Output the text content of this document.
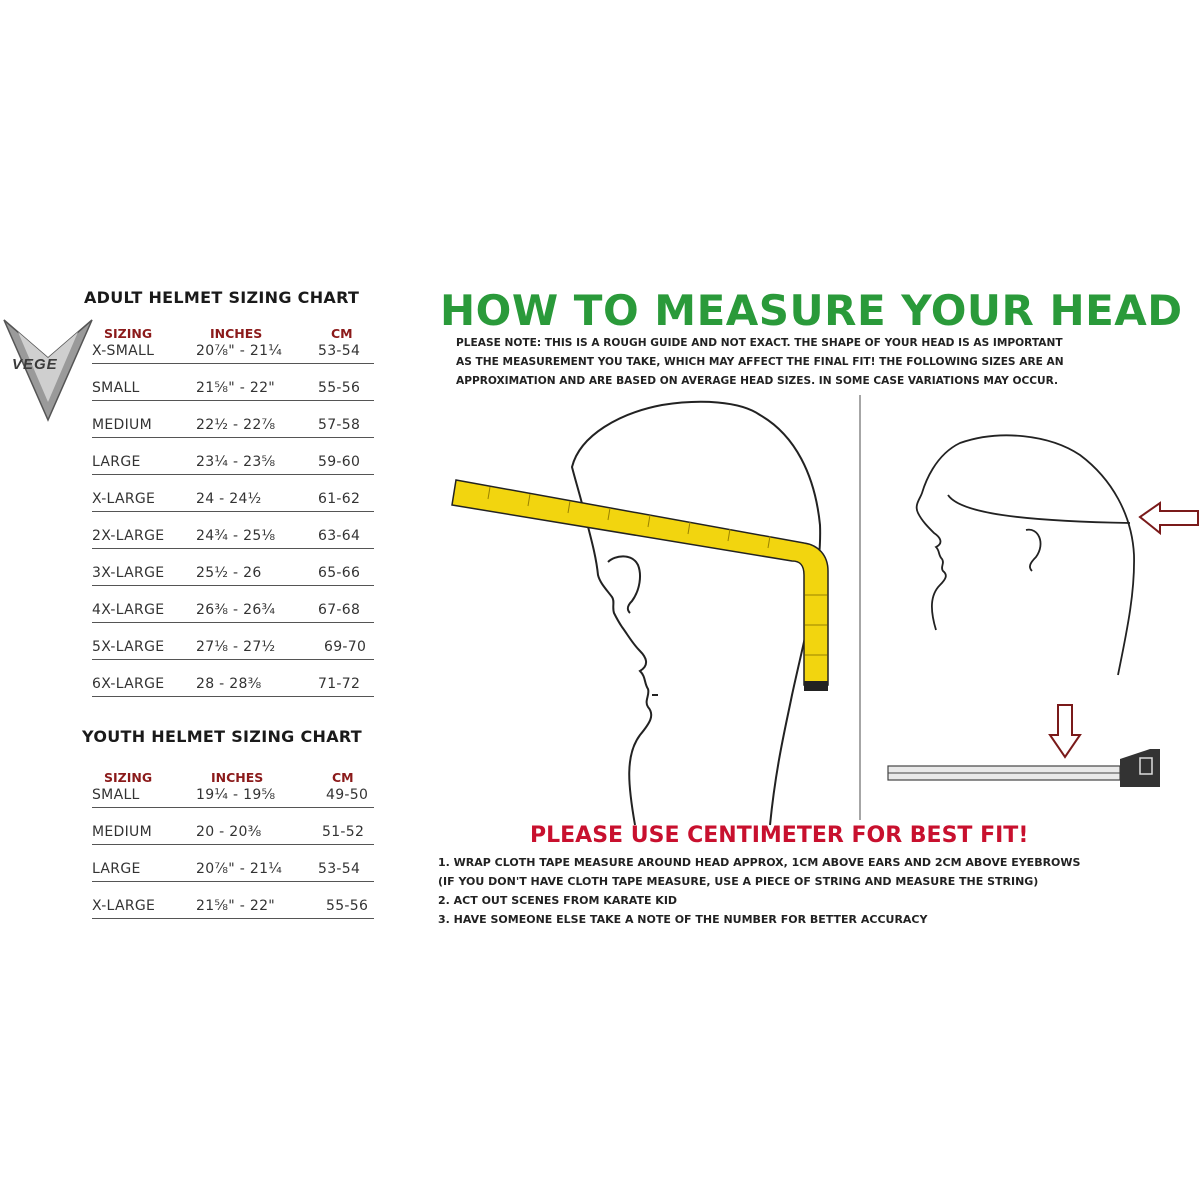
VEGE
ADULT HELMET SIZING CHART
SIZING	INCHES	CM
X-SMALL	20⅞" - 21¼	53-54
SMALL	21⅝" - 22"	55-56
MEDIUM	22½ - 22⅞	57-58
LARGE	23¼ - 23⅝	59-60
X-LARGE	24 - 24½	61-62
2X-LARGE 24¾ - 25⅛	63-64
3X-LARGE 25½ - 26	65-66
4X-LARGE 26⅜ - 26¾	67-68
5X-LARGE 27⅛ - 27½	69-70
6X-LARGE 28 - 28⅜	71-72
YOUTH HELMET SIZING CHART
SIZING	INCHES	CM
SMALL	19¼ - 19⅝	49-50
MEDIUM	20 - 20⅜	51-52
LARGE	20⅞" - 21¼	53-54
X-LARGE	21⅝" - 22"	55-56
HOW TO MEASURE YOUR HEAD
PLEASE NOTE: THIS IS A ROUGH GUIDE AND NOT EXACT. THE SHAPE OF YOUR HEAD IS AS IMPORTANT
AS THE MEASUREMENT YOU TAKE, WHICH MAY AFFECT THE FINAL FIT! THE FOLLOWING SIZES ARE AN
APPROXIMATION AND ARE BASED ON AVERAGE HEAD SIZES. IN SOME CASE VARIATIONS MAY OCCUR.
PLEASE USE CENTIMETER FOR BEST FIT!
1. WRAP CLOTH TAPE MEASURE AROUND HEAD APPROX, 1CM ABOVE EARS AND 2CM ABOVE EYEBROWS
(IF YOU DON'T HAVE CLOTH TAPE MEASURE, USE A PIECE OF STRING AND MEASURE THE STRING)
2. ACT OUT SCENES FROM KARATE KID
3. HAVE SOMEONE ELSE TAKE A NOTE OF THE NUMBER FOR BETTER ACCURACY
